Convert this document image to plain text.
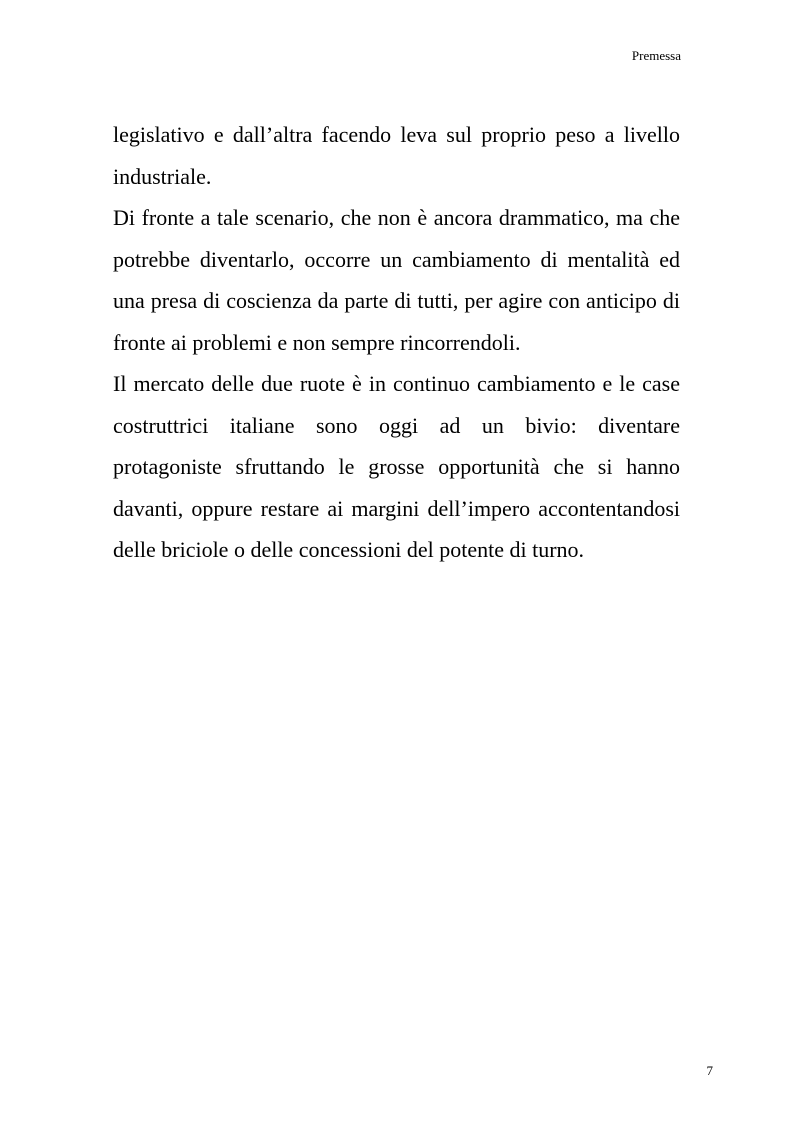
Premessa

legislativo e dall’altra facendo leva sul proprio peso a livello industriale.

Di fronte a tale scenario, che non è ancora drammatico, ma che potrebbe diventarlo, occorre un cambiamento di mentalità ed una presa di coscienza da parte di tutti, per agire con anticipo di fronte ai problemi e non sempre rincorrendoli.

Il mercato delle due ruote è in continuo cambiamento e le case costruttrici italiane sono oggi ad un bivio: diventare protagoniste sfruttando le grosse opportunità che si hanno davanti, oppure restare ai margini dell’impero accontentandosi delle briciole o delle concessioni del potente di turno.

7
